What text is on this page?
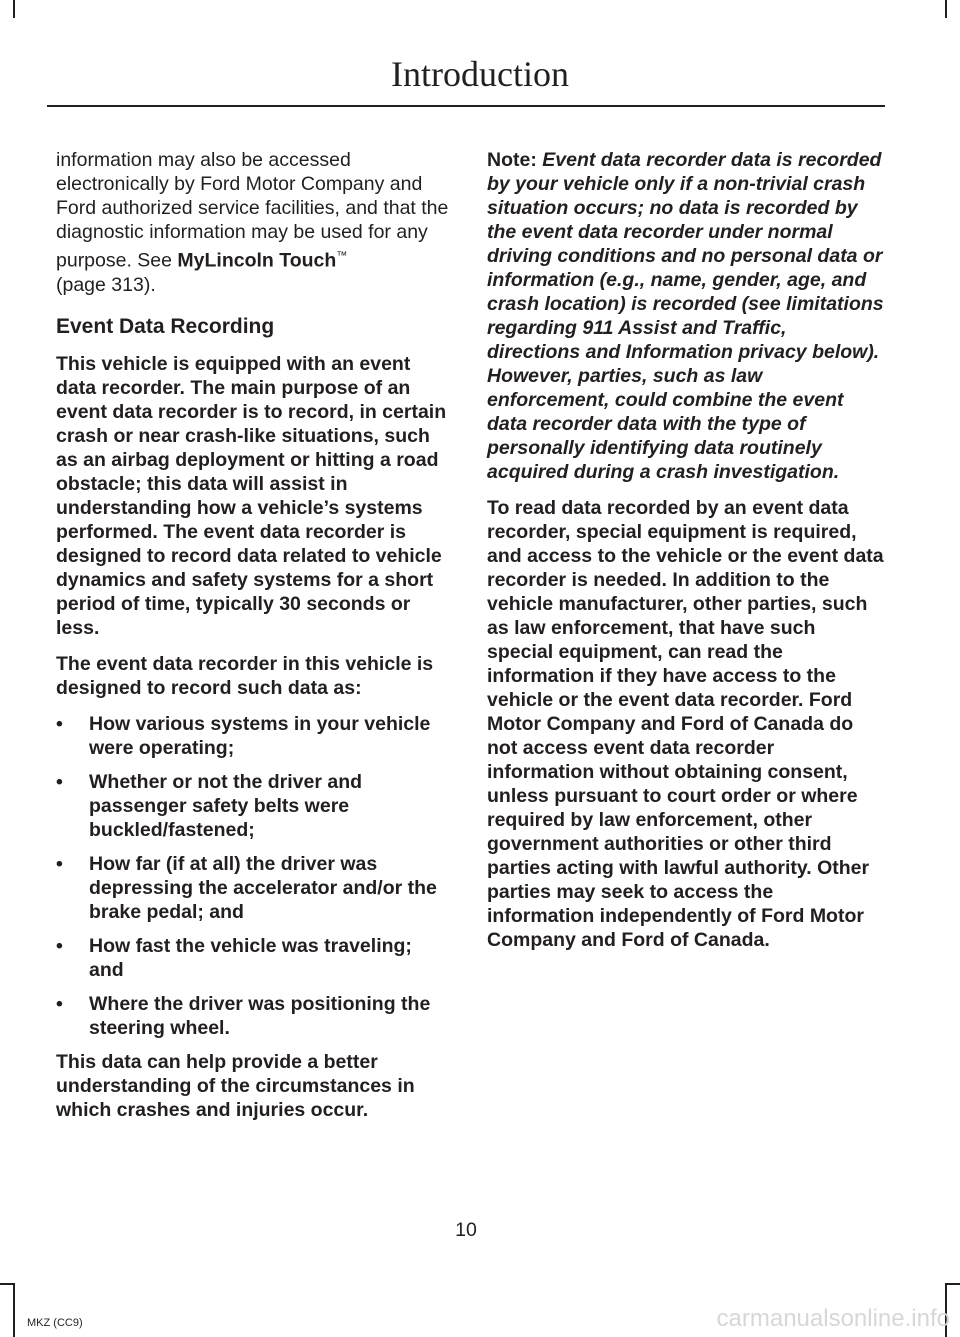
Introduction

information may also be accessed electronically by Ford Motor Company and Ford authorized service facilities, and that the diagnostic information may be used for any purpose. See MyLincoln Touch™
(page 313).

Event Data Recording

This vehicle is equipped with an event data recorder. The main purpose of an event data recorder is to record, in certain crash or near crash-like situations, such as an airbag deployment or hitting a road obstacle; this data will assist in understanding how a vehicle’s systems performed. The event data recorder is designed to record data related to vehicle dynamics and safety systems for a short period of time, typically 30 seconds or less.

The event data recorder in this vehicle is designed to record such data as:

• How various systems in your vehicle were operating;
• Whether or not the driver and passenger safety belts were buckled/fastened;
• How far (if at all) the driver was depressing the accelerator and/or the brake pedal; and
• How fast the vehicle was traveling; and
• Where the driver was positioning the steering wheel.

This data can help provide a better understanding of the circumstances in which crashes and injuries occur.

Note: Event data recorder data is recorded by your vehicle only if a non-trivial crash situation occurs; no data is recorded by the event data recorder under normal driving conditions and no personal data or information (e.g., name, gender, age, and crash location) is recorded (see limitations regarding 911 Assist and Traffic, directions and Information privacy below). However, parties, such as law enforcement, could combine the event data recorder data with the type of personally identifying data routinely acquired during a crash investigation.

To read data recorded by an event data recorder, special equipment is required, and access to the vehicle or the event data recorder is needed. In addition to the vehicle manufacturer, other parties, such as law enforcement, that have such special equipment, can read the information if they have access to the vehicle or the event data recorder. Ford Motor Company and Ford of Canada do not access event data recorder information without obtaining consent, unless pursuant to court order or where required by law enforcement, other government authorities or other third parties acting with lawful authority. Other parties may seek to access the information independently of Ford Motor Company and Ford of Canada.

10
MKZ (CC9)	carmanualsonline.info
